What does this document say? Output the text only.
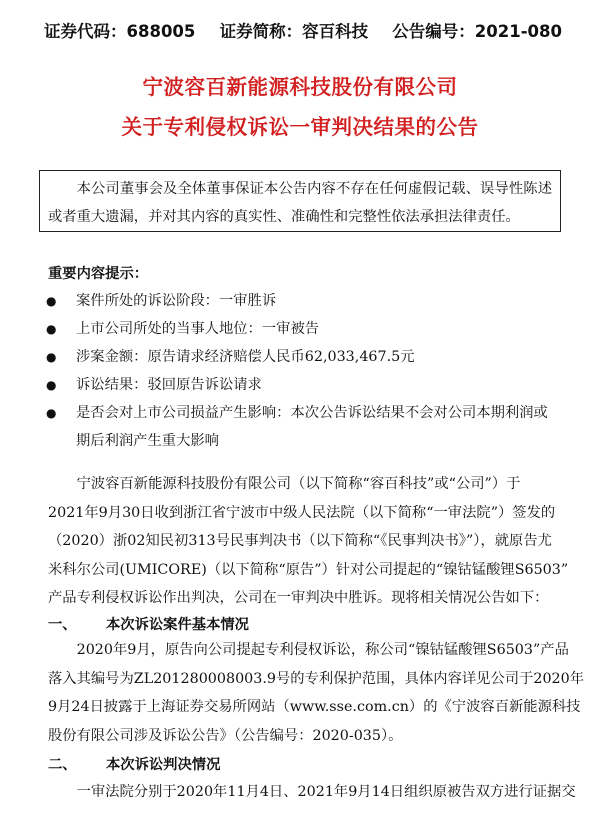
证券代码：688005 证券简称：容百科技 公告编号：2021-080
宁波容百新能源科技股份有限公司
关于专利侵权诉讼一审判决结果的公告

本公司董事会及全体董事保证本公告内容不存在任何虚假记载、误导性陈述或者重大遗漏，并对其内容的真实性、准确性和完整性依法承担法律责任。

重要内容提示：
●	案件所处的诉讼阶段：一审胜诉
●	上市公司所处的当事人地位：一审被告
●	涉案金额：原告请求经济赔偿人民币62,033,467.5元
●	诉讼结果：驳回原告诉讼请求
●	是否会对上市公司损益产生影响：本次公告诉讼结果不会对公司本期利润或
期后利润产生重大影响
宁波容百新能源科技股份有限公司（以下简称“容百科技”或“公司”）于
2021年9月30日收到浙江省宁波市中级人民法院（以下简称“一审法院”）签发的
（2020）浙02知民初313号民事判决书（以下简称“《民事判决书》”），就原告尤
米科尔公司(UMICORE)（以下简称“原告”）针对公司提起的“镍钴锰酸锂S6503”
产品专利侵权诉讼作出判决，公司在一审判决中胜诉。现将相关情况公告如下：
一、 本次诉讼案件基本情况
2020年9月，原告向公司提起专利侵权诉讼，称公司“镍钴锰酸锂S6503”产品
落入其编号为ZL201280008003.9号的专利保护范围，具体内容详见公司于2020年
9月24日披露于上海证券交易所网站（www.sse.com.cn）的《宁波容百新能源科技
股份有限公司涉及诉讼公告》（公告编号：2020-035）。
二、 本次诉讼判决情况
一审法院分别于2020年11月4日、2021年9月14日组织原被告双方进行证据交
